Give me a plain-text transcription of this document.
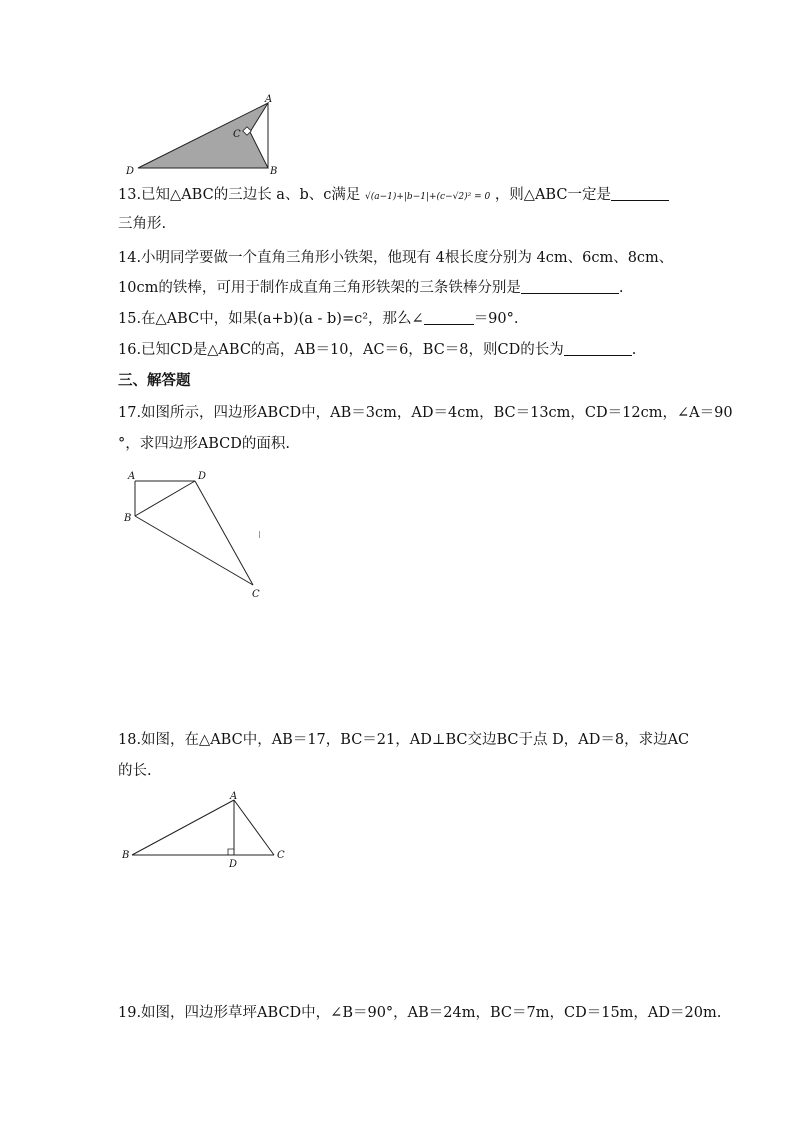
A
B
C
D
13.已知△ABC的三边长 a、b、c满足 √(a−1)+|b−1|+(c−√2)² = 0 ，则△ABC一定是
三角形.
14.小明同学要做一个直角三角形小铁架，他现有 4根长度分别为 4cm、6cm、8cm、
10cm的铁棒，可用于制作成直角三角形铁架的三条铁棒分别是	.
15.在△ABC中，如果(a+b)(a - b)=c²，那么∠	＝90°.
16.已知CD是△ABC的高，AB＝10，AC＝6，BC＝8，则CD的长为	.
三、解答题
17.如图所示，四边形ABCD中，AB＝3cm，AD＝4cm，BC＝13cm，CD＝12cm，∠A＝90
°，求四边形ABCD的面积.
A
B
C
D
18.如图，在△ABC中，AB＝17，BC＝21，AD⊥BC交边BC于点 D，AD＝8，求边AC
的长.
A
B	C
D
19.如图，四边形草坪ABCD中，∠B＝90°，AB＝24m，BC＝7m，CD＝15m，AD＝20m.
